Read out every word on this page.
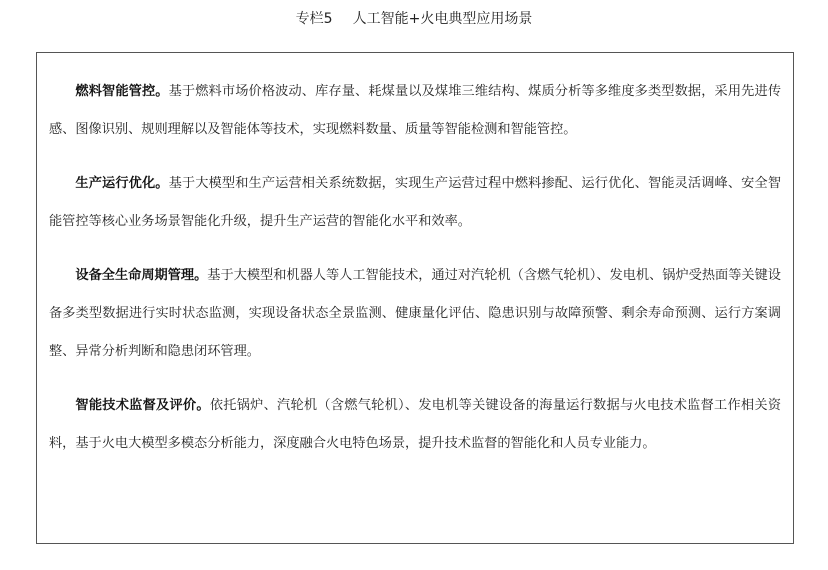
专栏5 人工智能+火电典型应用场景

燃料智能管控。基于燃料市场价格波动、库存量、耗煤量以及煤堆三维结构、煤质分析等多维度多类型数据，采用先进传感、图像识别、规则理解以及智能体等技术，实现燃料数量、质量等智能检测和智能管控。

生产运行优化。基于大模型和生产运营相关系统数据，实现生产运营过程中燃料掺配、运行优化、智能灵活调峰、安全智能管控等核心业务场景智能化升级，提升生产运营的智能化水平和效率。

设备全生命周期管理。基于大模型和机器人等人工智能技术，通过对汽轮机（含燃气轮机）、发电机、锅炉受热面等关键设备多类型数据进行实时状态监测，实现设备状态全景监测、健康量化评估、隐患识别与故障预警、剩余寿命预测、运行方案调整、异常分析判断和隐患闭环管理。

智能技术监督及评价。依托锅炉、汽轮机（含燃气轮机）、发电机等关键设备的海量运行数据与火电技术监督工作相关资料，基于火电大模型多模态分析能力，深度融合火电特色场景，提升技术监督的智能化和人员专业能力。
